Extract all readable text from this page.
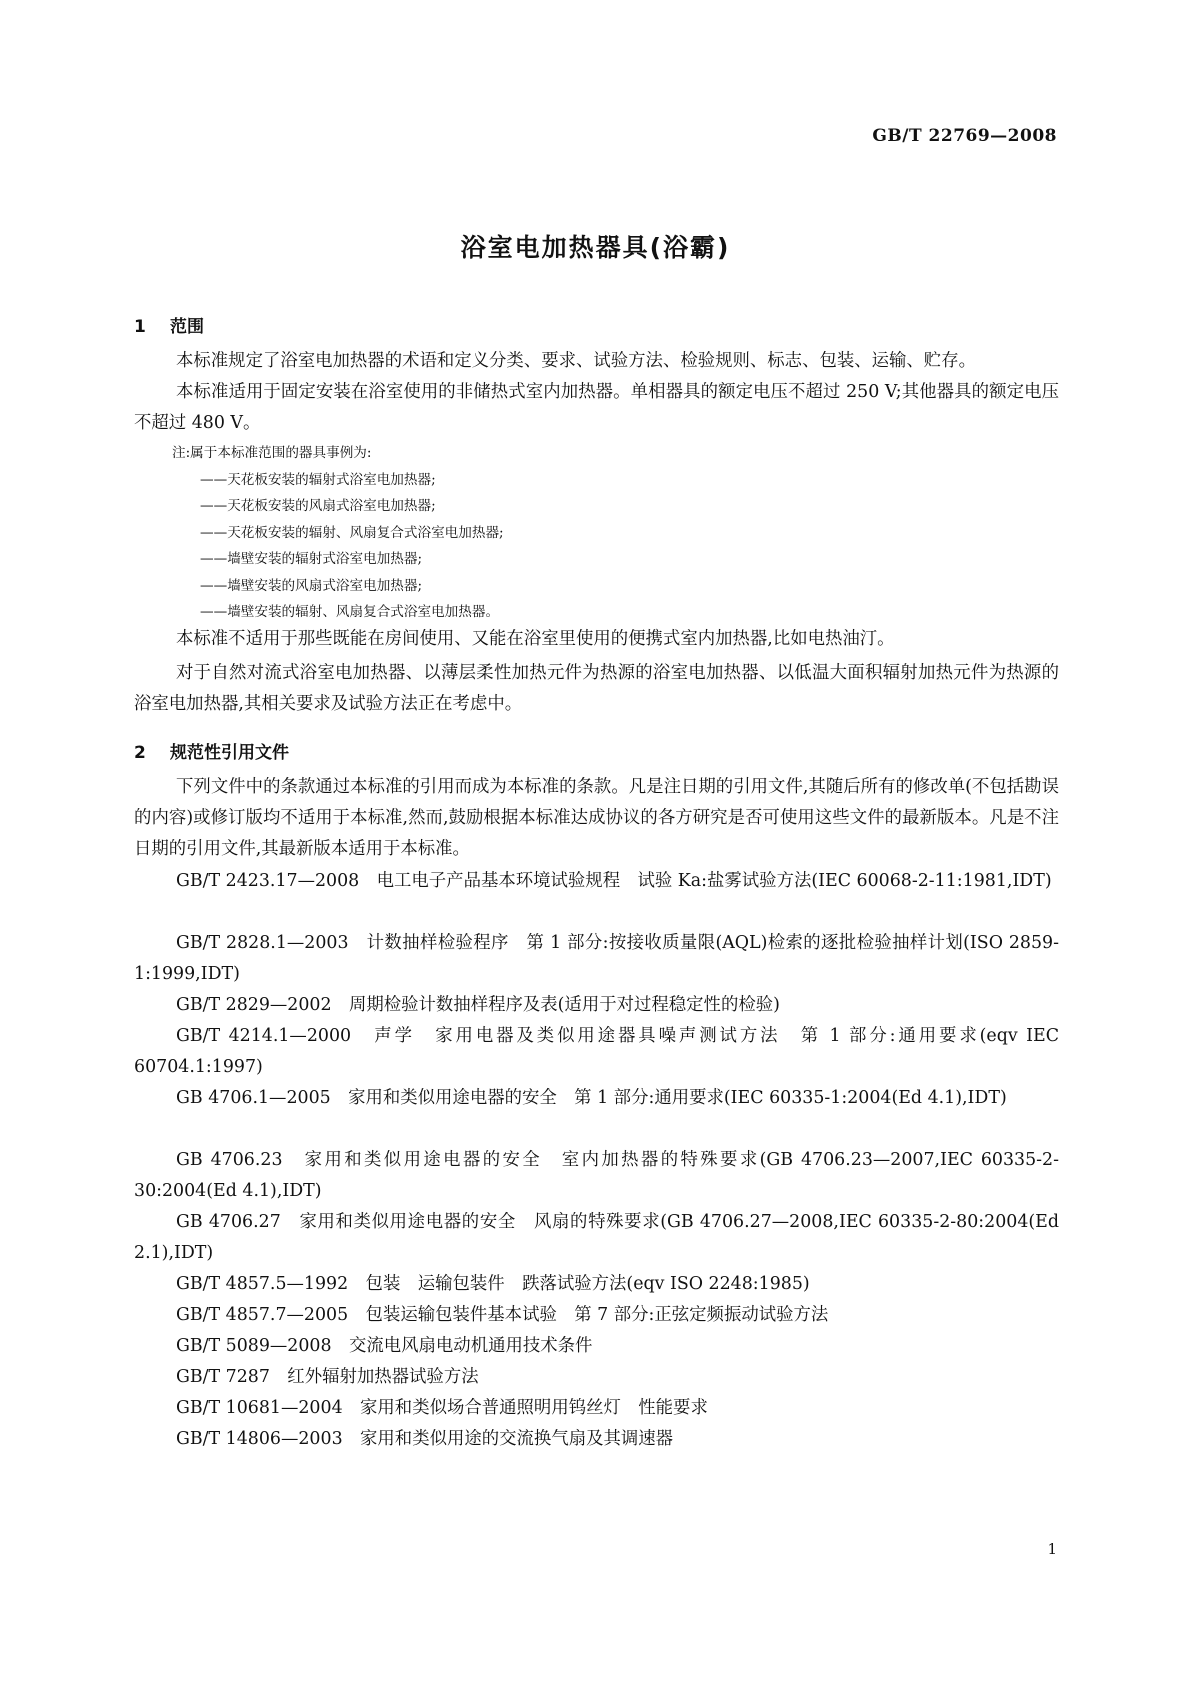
GB/T 22769—2008
浴室电加热器具(浴霸)
1 范围
本标准规定了浴室电加热器的术语和定义分类、要求、试验方法、检验规则、标志、包装、运输、贮存。
本标准适用于固定安装在浴室使用的非储热式室内加热器。单相器具的额定电压不超过 250 V;其他器具的额定电压不超过 480 V。
注:属于本标准范围的器具事例为:
——天花板安装的辐射式浴室电加热器;
——天花板安装的风扇式浴室电加热器;
——天花板安装的辐射、风扇复合式浴室电加热器;
——墙壁安装的辐射式浴室电加热器;
——墙壁安装的风扇式浴室电加热器;
——墙壁安装的辐射、风扇复合式浴室电加热器。
本标准不适用于那些既能在房间使用、又能在浴室里使用的便携式室内加热器,比如电热油汀。
对于自然对流式浴室电加热器、以薄层柔性加热元件为热源的浴室电加热器、以低温大面积辐射加热元件为热源的浴室电加热器,其相关要求及试验方法正在考虑中。
2 规范性引用文件
下列文件中的条款通过本标准的引用而成为本标准的条款。凡是注日期的引用文件,其随后所有的修改单(不包括勘误的内容)或修订版均不适用于本标准,然而,鼓励根据本标准达成协议的各方研究是否可使用这些文件的最新版本。凡是不注日期的引用文件,其最新版本适用于本标准。
GB/T 2423.17—2008　电工电子产品基本环境试验规程　试验 Ka:盐雾试验方法(IEC 60068-2-11:1981,IDT)
GB/T 2828.1—2003　计数抽样检验程序　第 1 部分:按接收质量限(AQL)检索的逐批检验抽样计划(ISO 2859-1:1999,IDT)
GB/T 2829—2002　周期检验计数抽样程序及表(适用于对过程稳定性的检验)
GB/T 4214.1—2000　声学　家用电器及类似用途器具噪声测试方法　第 1 部分:通用要求(eqv IEC 60704.1:1997)
GB 4706.1—2005　家用和类似用途电器的安全　第 1 部分:通用要求(IEC 60335-1:2004(Ed 4.1),IDT)
GB 4706.23　家用和类似用途电器的安全　室内加热器的特殊要求(GB 4706.23—2007,IEC 60335-2-30:2004(Ed 4.1),IDT)
GB 4706.27　家用和类似用途电器的安全　风扇的特殊要求(GB 4706.27—2008,IEC 60335-2-80:2004(Ed 2.1),IDT)
GB/T 4857.5—1992　包装　运输包装件　跌落试验方法(eqv ISO 2248:1985)
GB/T 4857.7—2005　包装运输包装件基本试验　第 7 部分:正弦定频振动试验方法
GB/T 5089—2008　交流电风扇电动机通用技术条件
GB/T 7287　红外辐射加热器试验方法
GB/T 10681—2004　家用和类似场合普通照明用钨丝灯　性能要求
GB/T 14806—2003　家用和类似用途的交流换气扇及其调速器
1
